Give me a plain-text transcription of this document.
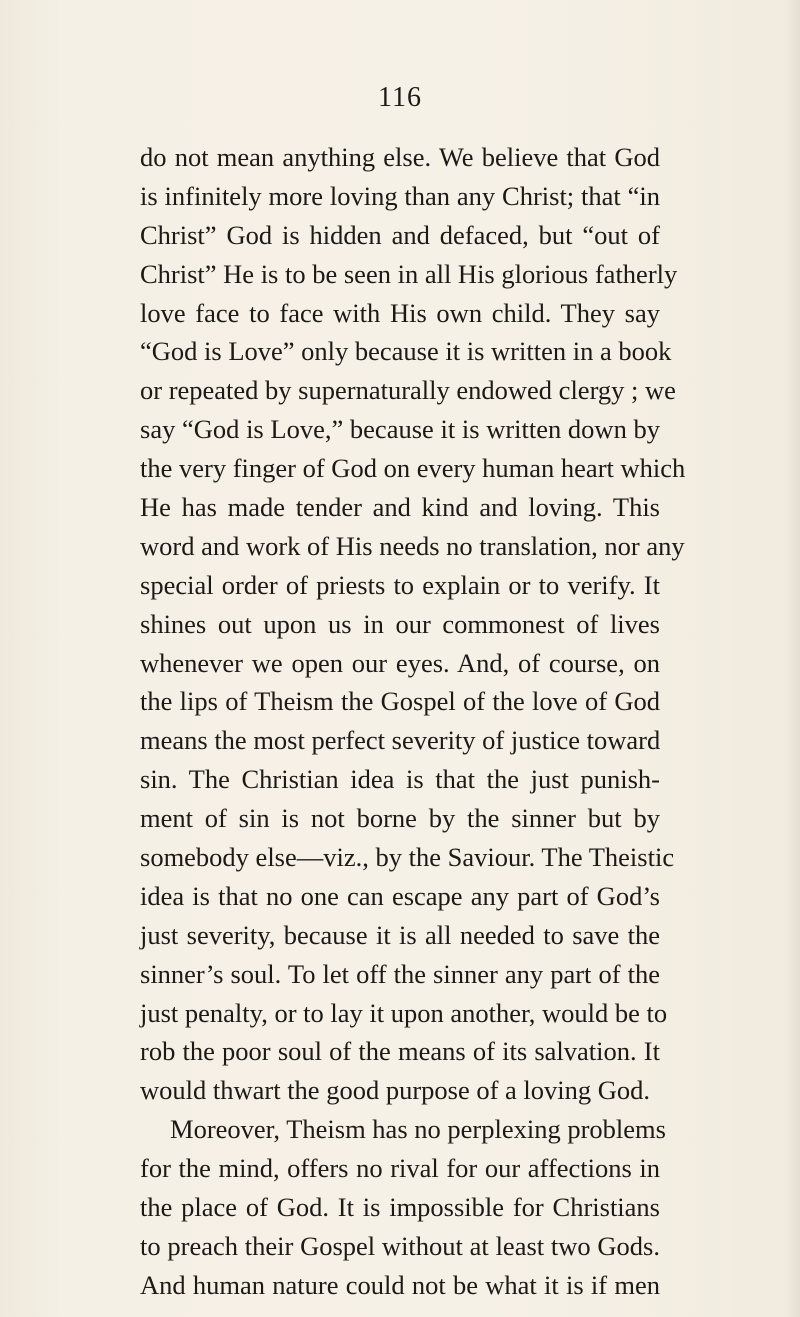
116
do not mean anything else. We believe that God
is infinitely more loving than any Christ; that “in
Christ” God is hidden and defaced, but “out of
Christ” He is to be seen in all His glorious fatherly
love face to face with His own child. They say
“God is Love” only because it is written in a book
or repeated by supernaturally endowed clergy ; we
say “God is Love,” because it is written down by
the very finger of God on every human heart which
He has made tender and kind and loving. This
word and work of His needs no translation, nor any
special order of priests to explain or to verify. It
shines out upon us in our commonest of lives
whenever we open our eyes. And, of course, on
the lips of Theism the Gospel of the love of God
means the most perfect severity of justice toward
sin. The Christian idea is that the just punish-
ment of sin is not borne by the sinner but by
somebody else—viz., by the Saviour. The Theistic
idea is that no one can escape any part of God’s
just severity, because it is all needed to save the
sinner’s soul. To let off the sinner any part of the
just penalty, or to lay it upon another, would be to
rob the poor soul of the means of its salvation. It
would thwart the good purpose of a loving God.
Moreover, Theism has no perplexing problems
for the mind, offers no rival for our affections in
the place of God. It is impossible for Christians
to preach their Gospel without at least two Gods.
And human nature could not be what it is if men
